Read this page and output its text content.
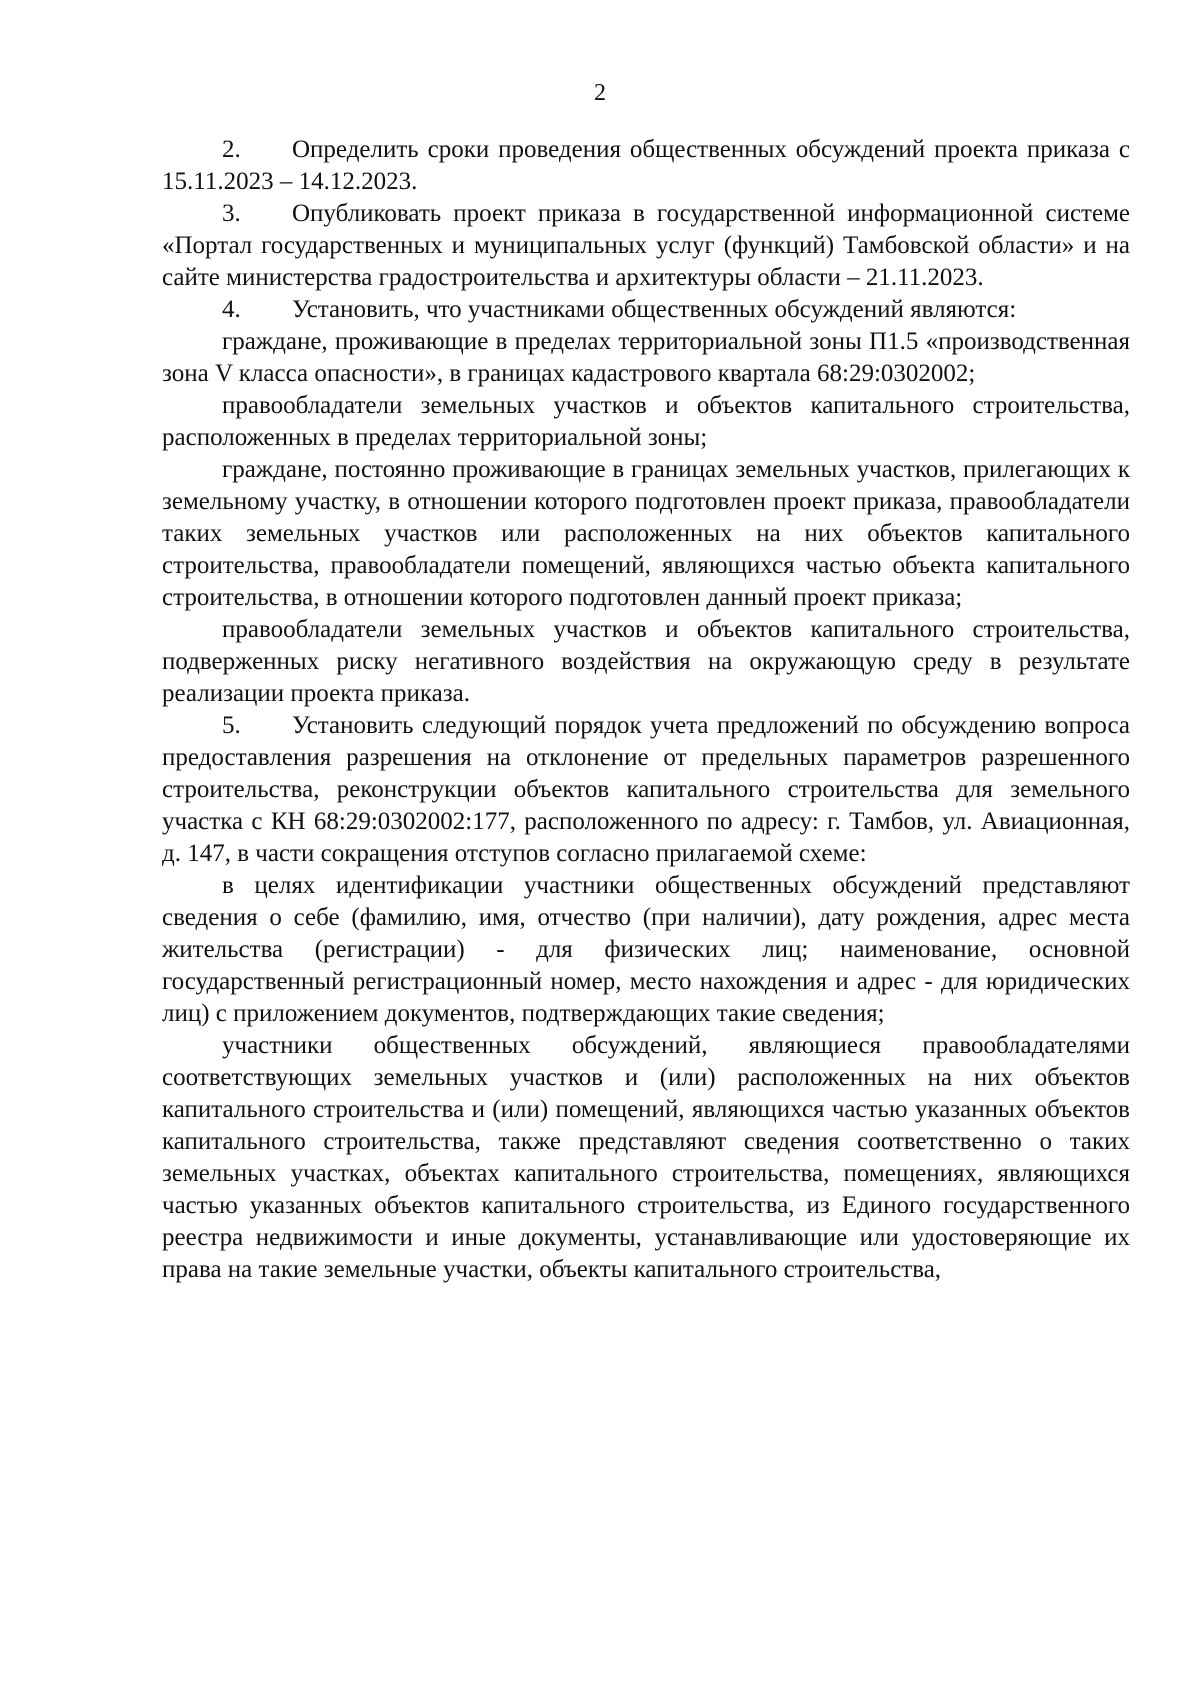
2

2. Определить сроки проведения общественных обсуждений проекта приказа с 15.11.2023 – 14.12.2023.

3. Опубликовать проект приказа в государственной информационной системе «Портал государственных и муниципальных услуг (функций) Тамбовской области» и на сайте министерства градостроительства и архитектуры области – 21.11.2023.

4. Установить, что участниками общественных обсуждений являются:

граждане, проживающие в пределах территориальной зоны П1.5 «производственная зона V класса опасности», в границах кадастрового квартала 68:29:0302002;

правообладатели земельных участков и объектов капитального строительства, расположенных в пределах территориальной зоны;

граждане, постоянно проживающие в границах земельных участков, прилегающих к земельному участку, в отношении которого подготовлен проект приказа, правообладатели таких земельных участков или расположенных на них объектов капитального строительства, правообладатели помещений, являющихся частью объекта капитального строительства, в отношении которого подготовлен данный проект приказа;

правообладатели земельных участков и объектов капитального строительства, подверженных риску негативного воздействия на окружающую среду в результате реализации проекта приказа.

5. Установить следующий порядок учета предложений по обсуждению вопроса предоставления разрешения на отклонение от предельных параметров разрешенного строительства, реконструкции объектов капитального строительства для земельного участка с КН 68:29:0302002:177, расположенного по адресу: г. Тамбов, ул. Авиационная, д. 147, в части сокращения отступов согласно прилагаемой схеме:

в целях идентификации участники общественных обсуждений представляют сведения о себе (фамилию, имя, отчество (при наличии), дату рождения, адрес места жительства (регистрации) - для физических лиц; наименование, основной государственный регистрационный номер, место нахождения и адрес - для юридических лиц) с приложением документов, подтверждающих такие сведения;

участники общественных обсуждений, являющиеся правообладателями соответствующих земельных участков и (или) расположенных на них объектов капитального строительства и (или) помещений, являющихся частью указанных объектов капитального строительства, также представляют сведения соответственно о таких земельных участках, объектах капитального строительства, помещениях, являющихся частью указанных объектов капитального строительства, из Единого государственного реестра недвижимости и иные документы, устанавливающие или удостоверяющие их права на такие земельные участки, объекты капитального строительства,
